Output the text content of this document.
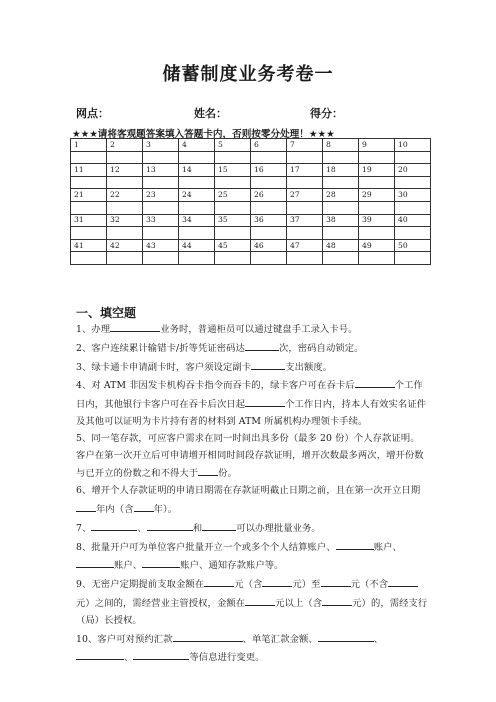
储蓄制度业务考卷一
网点：	姓名：	得分：
★★★请将客观题答案填入答题卡内，否则按零分处理！★★★
1	2	3	4	5	6	7	8	9	10

11	12	13	14	15	16	17	18	19	20

21	22	23	24	25	26	27	28	29	30

31	32	33	34	35	36	37	38	39	40

41	42	43	44	45	46	47	48	49	50

一、填空题

1、办理	业务时，普通柜员可以通过键盘手工录入卡号。

2、客户连续累计输错卡/折等凭证密码达	次，密码自动锁定。

3、绿卡通卡申请副卡时，客户须设定副卡	支出额度。

4、对 ATM 非因发卡机构吞卡指令而吞卡的，绿卡客户可在吞卡后	个工作日内，其他银行卡客户可在吞卡后次日起	个工作日内，持本人有效实名证件及其他可以证明为卡片持有者的材料到 ATM 所属机构办理领卡手续。

5、同一笔存款，可应客户需求在同一时间出具多份（最多 20 份）个人存款证明。客户在第一次开立后可申请增开相同时间段存款证明，增开次数最多两次，增开份数与已开立的份数之和不得大于 份。

6、增开个人存款证明的申请日期需在存款证明截止日期之前，且在第一次开立日期年内（含 年）。

7、	、	和	可以办理批量业务。

8、批量开户可为单位客户批量开立一个或多个个人结算账户、	账户、账户、	账户、通知存款账户等。

9、无密户定期提前支取金额在	元（含	元）至	元（不含元）之间的，需经营业主管授权，金额在	元以上（含	元）的，需经支行（局）长授权。

10、客户可对预约汇款	、单笔汇款金额、	、、	等信息进行变更。
